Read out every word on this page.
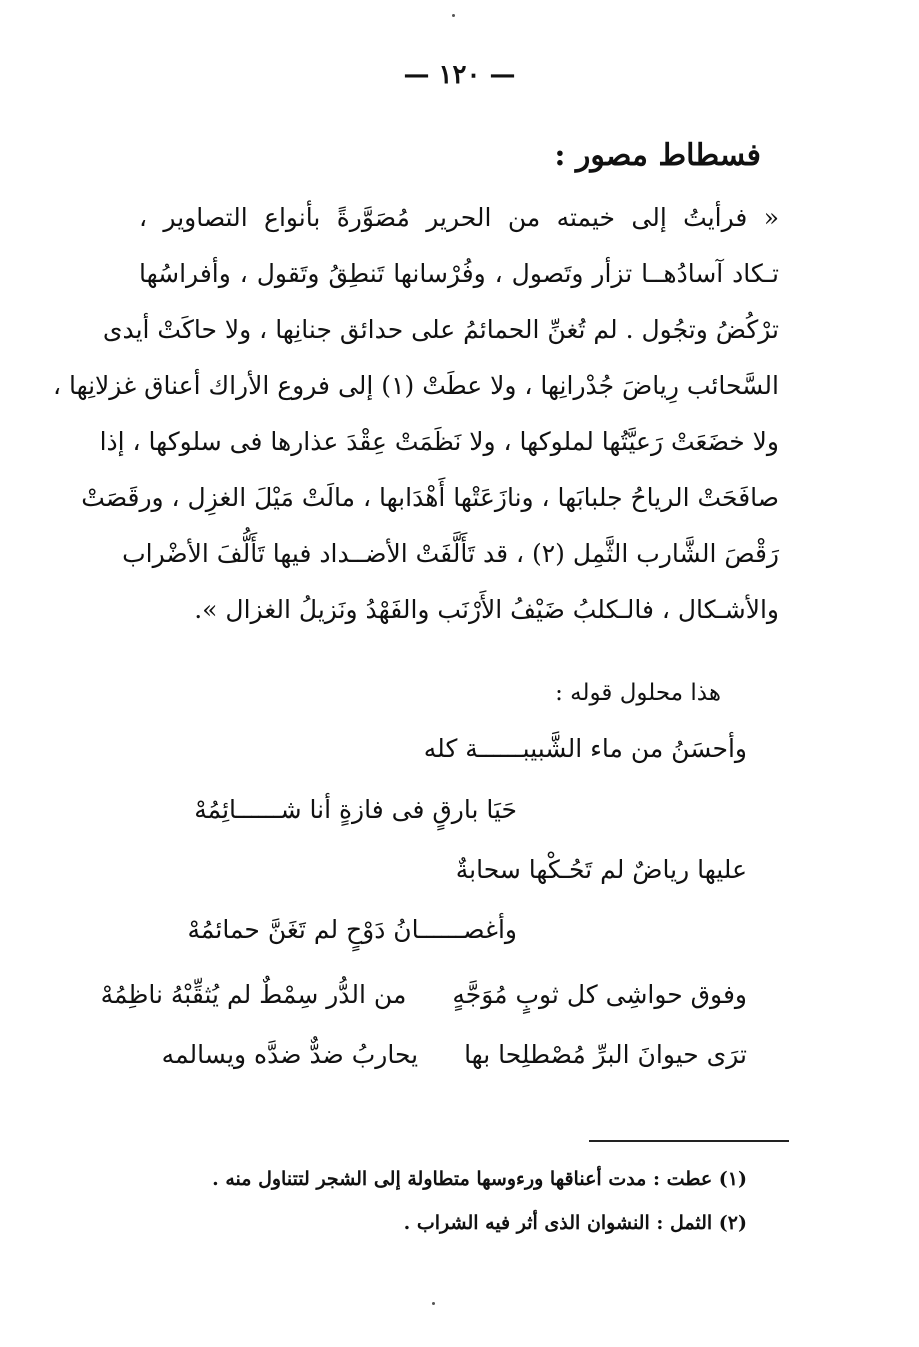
— ١٢٠ —
فسطاط مصور :
« فرأيتُ إلى خيمته من الحرير مُصَوَّرةً بأنواع التصاوير ،
تـكاد آسادُهــا تزأر وتَصول ، وفُرْسانها تَنطِقُ وتَقول ، وأفراسُها
ترْكُضُ وتجُول . لم تُغنِّ الحمائمُ على حدائق جنانِها ، ولا حاكَتْ أيدى
السَّحائب رِياضَ جُدْرانِها ، ولا عطَتْ (١) إلى فروع الأراك أعناق غزلانِها ،
ولا خضَعَتْ رَعيَّتُها لملوكها ، ولا نَظَمَتْ عِقْدَ عذارها فى سلوكها ، إذا
صافَحَتْ الرياحُ جلبابَها ، ونازَعَتْها أَهْدَابها ، مالَتْ مَيْلَ الغزِل ، ورقَصَتْ
رَقْصَ الشَّارب الثَّمِل (٢) ، قد تَأَلَّفَتْ الأضــداد فيها تَأَلُّفَ الأضْراب
والأشـكال ، فالـكلبُ ضَيْفُ الأَرْنَب والفَهْدُ ونَزيلُ الغزال ».
هذا محلول قوله :
وأحسَنُ من ماء الشَّبيبــــــة كله
حَيَا بارقٍ فى فازةٍ أنا شــــــائِمُهْ
عليها رياضٌ لم تَحُـكْها سحابةٌ
وأغصــــــانُ دَوْحٍ لم تَغَنَّ حمائمُهْ
وفوق حواشِى كل ثوبٍ مُوَجَّهٍمن الدُّر سِمْطٌ لم يُثقِّبْهُ ناظِمُهْ
ترَى حيوانَ البرِّ مُصْطلِحا بهايحاربُ ضدٌّ ضدَّه ويسالمه
(١) عطت : مدت أعناقها ورءوسها متطاولة إلى الشجر لتتناول منه .
(٢) الثمل : النشوان الذى أثر فيه الشراب .
